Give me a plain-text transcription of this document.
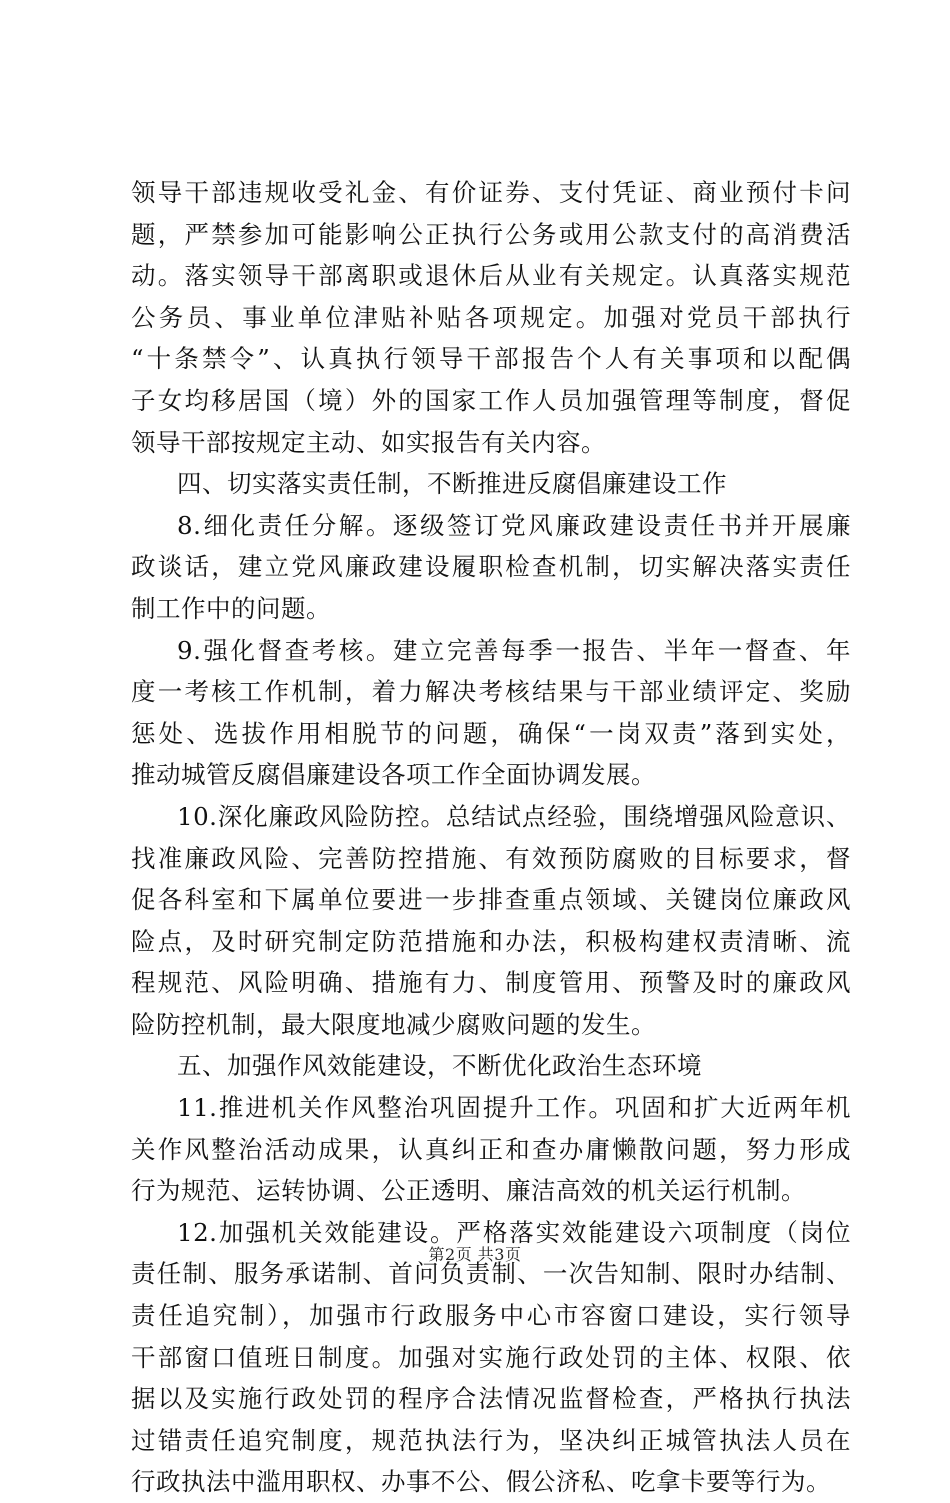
领导干部违规收受礼金、有价证券、支付凭证、商业预付卡问
题，严禁参加可能影响公正执行公务或用公款支付的高消费活
动。落实领导干部离职或退休后从业有关规定。认真落实规范
公务员、事业单位津贴补贴各项规定。加强对党员干部执行
“十条禁令”、认真执行领导干部报告个人有关事项和以配偶
子女均移居国（境）外的国家工作人员加强管理等制度，督促
领导干部按规定主动、如实报告有关内容。
四、切实落实责任制，不断推进反腐倡廉建设工作
8.细化责任分解。逐级签订党风廉政建设责任书并开展廉
政谈话，建立党风廉政建设履职检查机制，切实解决落实责任
制工作中的问题。
9.强化督查考核。建立完善每季一报告、半年一督查、年
度一考核工作机制，着力解决考核结果与干部业绩评定、奖励
惩处、选拔作用相脱节的问题，确保“一岗双责”落到实处，
推动城管反腐倡廉建设各项工作全面协调发展。
10.深化廉政风险防控。总结试点经验，围绕增强风险意识、
找准廉政风险、完善防控措施、有效预防腐败的目标要求，督
促各科室和下属单位要进一步排查重点领域、关键岗位廉政风
险点，及时研究制定防范措施和办法，积极构建权责清晰、流
程规范、风险明确、措施有力、制度管用、预警及时的廉政风
险防控机制，最大限度地减少腐败问题的发生。
五、加强作风效能建设，不断优化政治生态环境
11.推进机关作风整治巩固提升工作。巩固和扩大近两年机
关作风整治活动成果，认真纠正和查办庸懒散问题，努力形成
行为规范、运转协调、公正透明、廉洁高效的机关运行机制。
12.加强机关效能建设。严格落实效能建设六项制度（岗位
责任制、服务承诺制、首问负责制、一次告知制、限时办结制、
责任追究制），加强市行政服务中心市容窗口建设，实行领导
干部窗口值班日制度。加强对实施行政处罚的主体、权限、依
据以及实施行政处罚的程序合法情况监督检查，严格执行执法
过错责任追究制度，规范执法行为，坚决纠正城管执法人员在
行政执法中滥用职权、办事不公、假公济私、吃拿卡要等行为。
第2页 共3页
